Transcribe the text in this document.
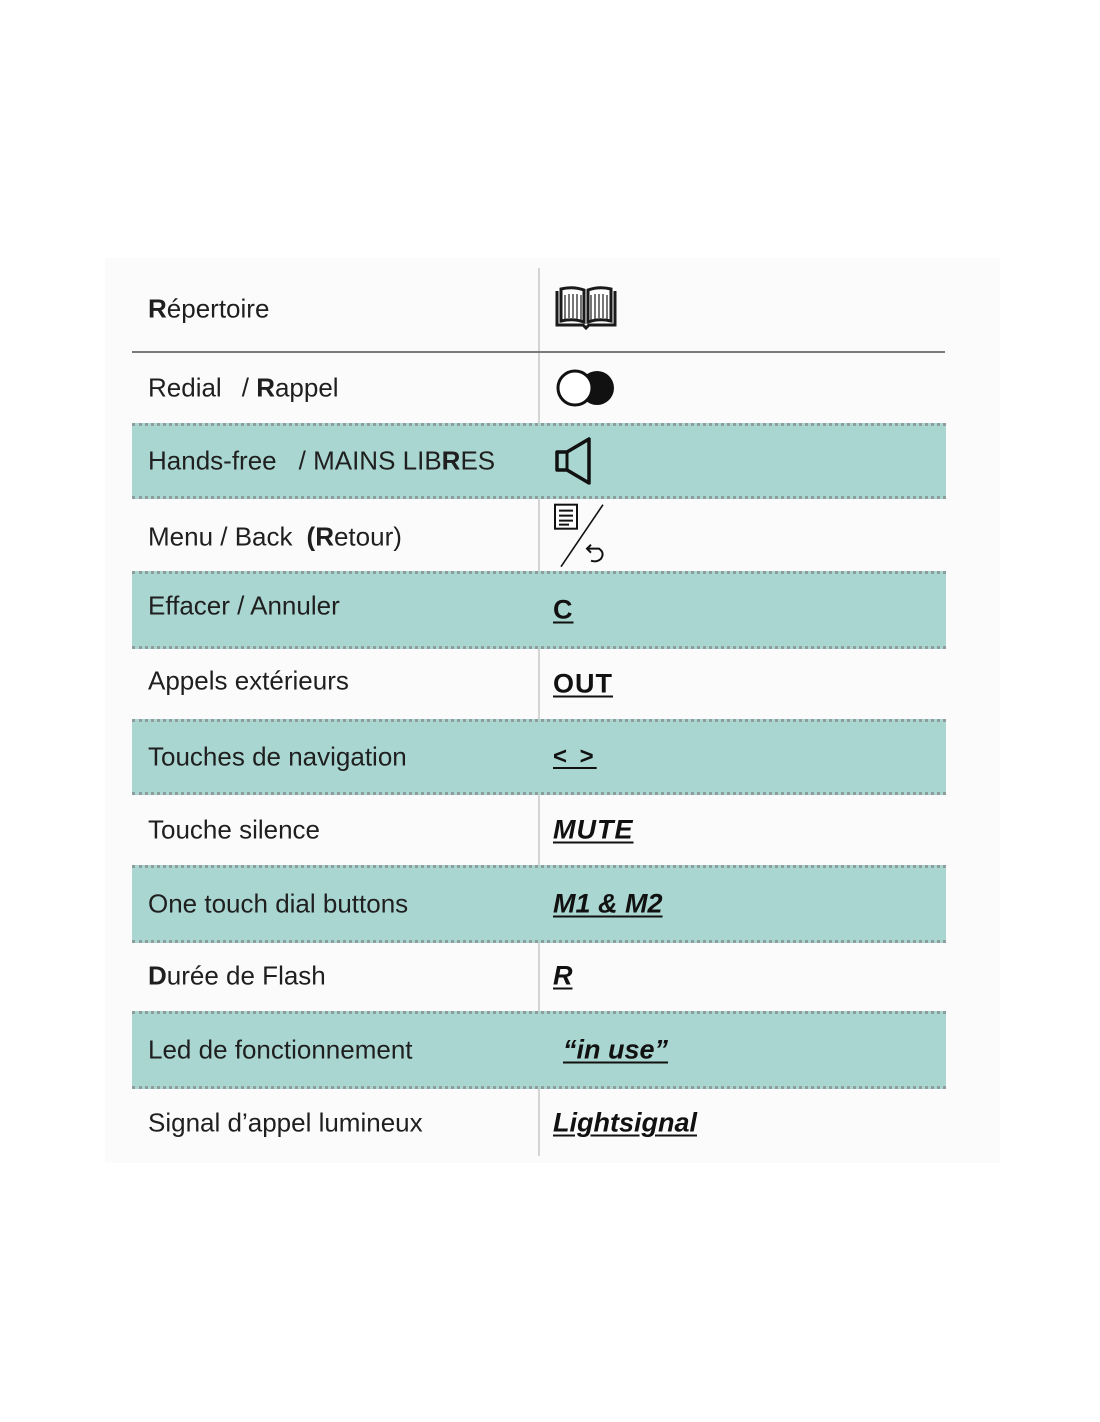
Répertoire
Redial / Rappel
Hands-free / MAINS LIBRES
Menu / Back (Retour)
Effacer / Annuler	C
Appels extérieurs	OUT
Touches de navigation	< >
Touche silence	MUTE
One touch dial buttons	M1 & M2
Durée de Flash	R
Led de fonctionnement	“in use”
Signal d’appel lumineux	Lightsignal
